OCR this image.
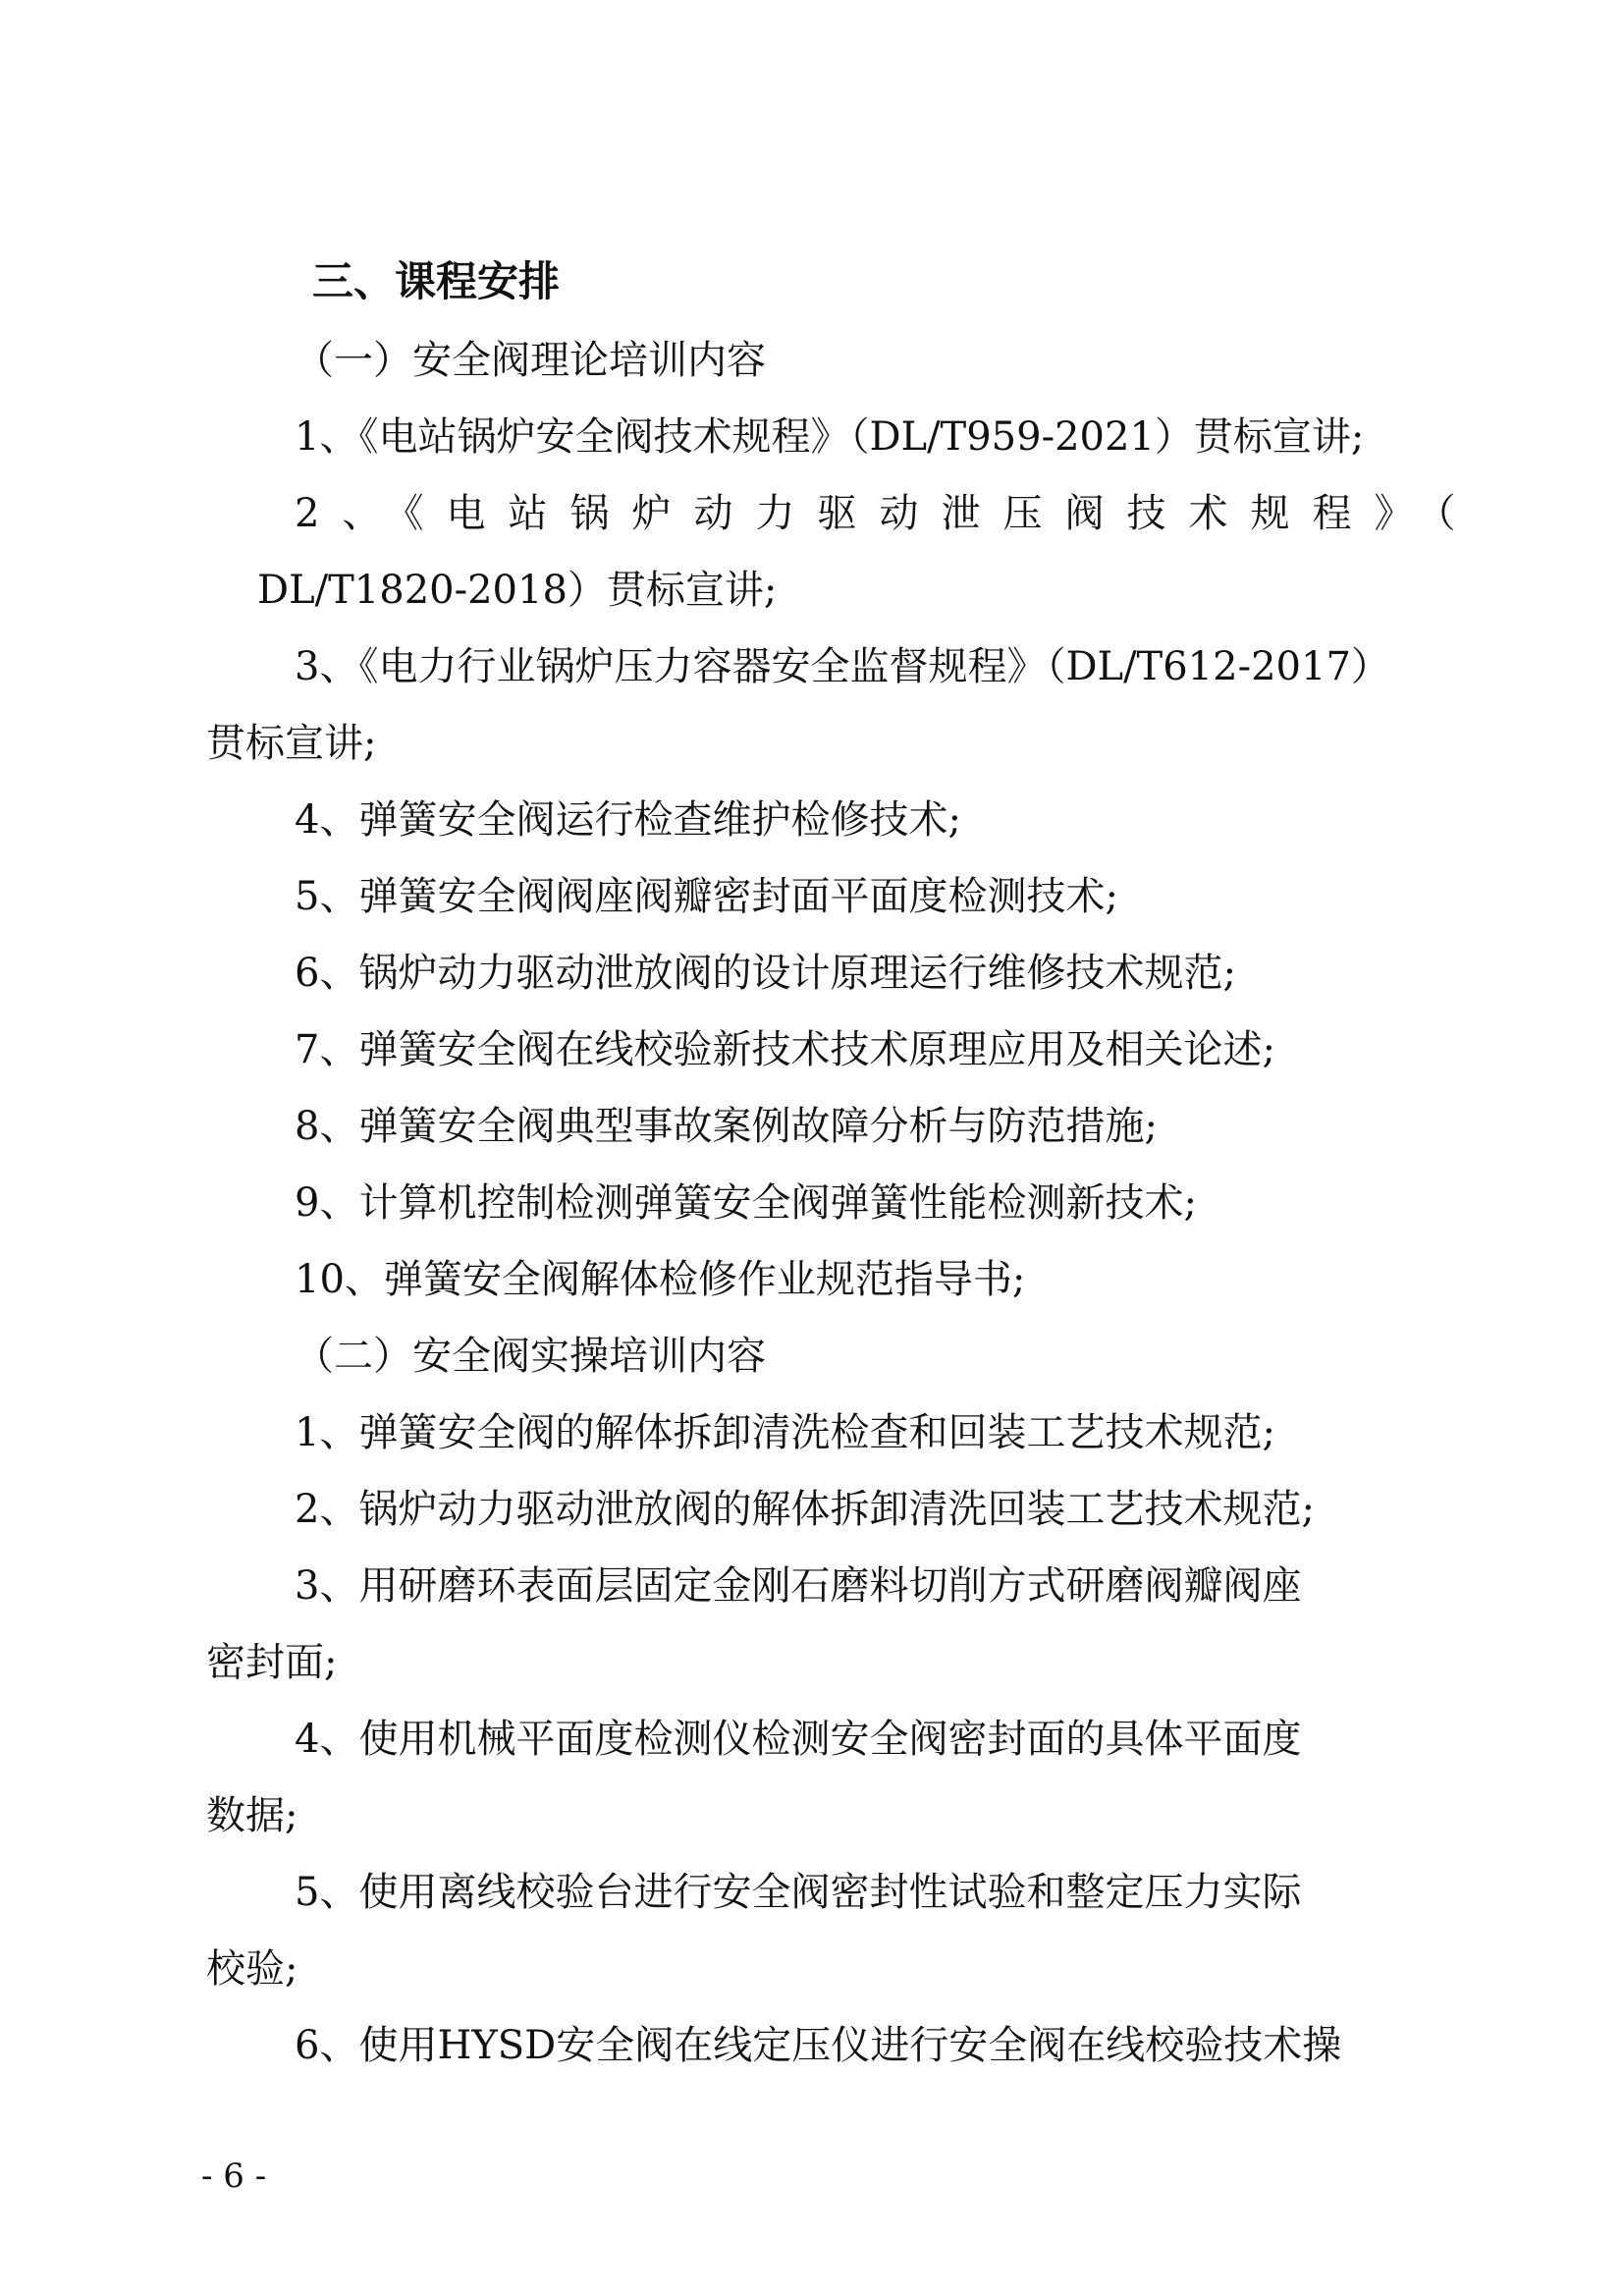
三、课程安排
（一）安全阀理论培训内容
1、《电站锅炉安全阀技术规程》（DL/T959-2021）贯标宣讲;
2、《电站锅炉动力驱动泄压阀技术规程》（
DL/T1820-2018）贯标宣讲;
3、《电力行业锅炉压力容器安全监督规程》（DL/T612-2017）
贯标宣讲;
4、弹簧安全阀运行检查维护检修技术;
5、弹簧安全阀阀座阀瓣密封面平面度检测技术;
6、锅炉动力驱动泄放阀的设计原理运行维修技术规范;
7、弹簧安全阀在线校验新技术技术原理应用及相关论述;
8、弹簧安全阀典型事故案例故障分析与防范措施;
9、计算机控制检测弹簧安全阀弹簧性能检测新技术;
10、弹簧安全阀解体检修作业规范指导书;
（二）安全阀实操培训内容
1、弹簧安全阀的解体拆卸清洗检查和回装工艺技术规范;
2、锅炉动力驱动泄放阀的解体拆卸清洗回装工艺技术规范;
3、用研磨环表面层固定金刚石磨料切削方式研磨阀瓣阀座
密封面;
4、使用机械平面度检测仪检测安全阀密封面的具体平面度
数据;
5、使用离线校验台进行安全阀密封性试验和整定压力实际
校验;
6、使用HYSD安全阀在线定压仪进行安全阀在线校验技术操
- 6 -
